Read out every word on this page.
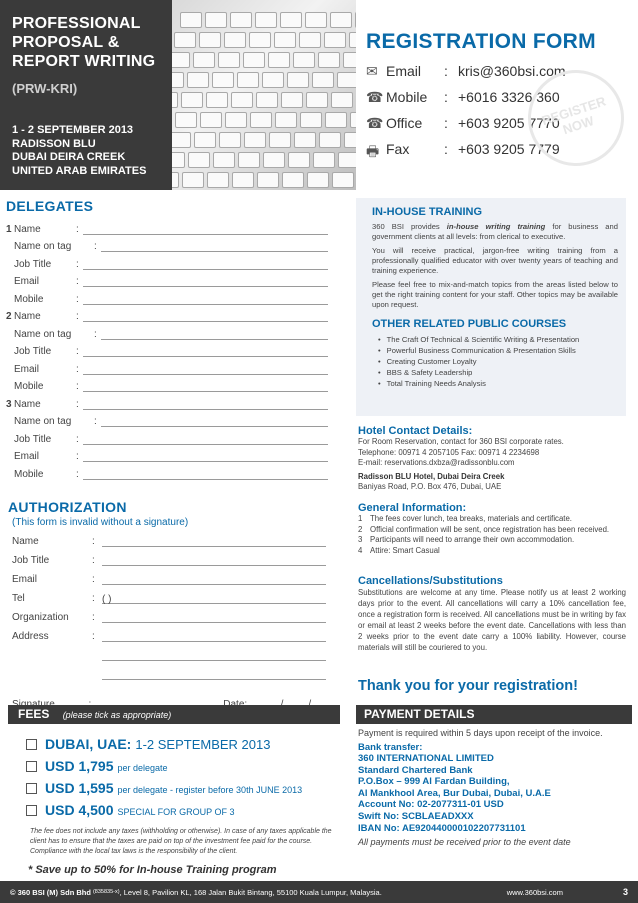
PROFESSIONAL
PROPOSAL &
REPORT WRITING
(PRW-KRI)
1 - 2 SEPTEMBER 2013
RADISSON BLU
DUBAI DEIRA CREEK
UNITED ARAB EMIRATES
REGISTER NOW
REGISTRATION FORM
✉ Email	: kris@360bsi.com
☎ Mobile	: +6016 3326 360
☎ Office	: +603 9205 7770
🖶 Fax	: +603 9205 7779
DELEGATES
1 Name	:
Name on tag	:
Job Title	:
Email	:
Mobile	:
2 Name	:
Name on tag	:
Job Title	:
Email	:
Mobile	:
3 Name	:
Name on tag	:
Job Title	:
Email	:
Mobile	:
AUTHORIZATION
(This form is invalid without a signature)
Name	:
Job Title	:
Email	:
Tel	: ( )
Organization	:
Address	:
FEES (please tick as appropriate)
DUBAI, UAE: 1-2 SEPTEMBER 2013
USD 1,795 per delegate
USD 1,595 per delegate - register before 30th JUNE 2013
USD 4,500 SPECIAL FOR GROUP OF 3
The fee does not include any taxes (withholding or otherwise). In case of any taxes applicable the client has to ensure that the taxes are paid on top of the investment fee paid for the course. Compliance with the local tax laws is the responsibility of the client.
* Save up to 50% for In-house Training program
IN-HOUSE TRAINING

360 BSI provides in-house writing training for business and government clients at all levels: from clerical to executive.

You will receive practical, jargon-free writing training from a professionally qualified educator with over twenty years of teaching and training experience.

Please feel free to mix-and-match topics from the areas listed below to get the right training content for your staff. Other topics may be available upon request.

OTHER RELATED PUBLIC COURSES
• The Craft Of Technical & Scientific Writing & Presentation
• Powerful Business Communication & Presentation Skills
• Creating Customer Loyalty
• BBS & Safety Leadership
• Total Training Needs Analysis
Hotel Contact Details:
For Room Reservation, contact for 360 BSI corporate rates.
Telephone: 00971 4 2057105 Fax: 00971 4 2234698
E-mail: reservations.dxbza@radissonblu.com
Radisson BLU Hotel, Dubai Deira Creek
Baniyas Road, P.O. Box 476, Dubai, UAE
General Information:
1 The fees cover lunch, tea breaks, materials and certificate.
2 Official confirmation will be sent, once registration has been received.
3 Participants will need to arrange their own accommodation.
4 Attire: Smart Casual
Cancellations/Substitutions
Substitutions are welcome at any time. Please notify us at least 2 working days prior to the event. All cancellations will carry a 10% cancellation fee, once a registration form is received. All cancellations must be in writing by fax or email at least 2 weeks before the event date. Cancellations with less than 2 weeks prior to the event date carry a 100% liability. However, course materials will still be couriered to you.
Thank you for your registration!
PAYMENT DETAILS
Payment is required within 5 days upon receipt of the invoice.
Bank transfer:
360 INTERNATIONAL LIMITED
Standard Chartered Bank
P.O.Box – 999 Al Fardan Building,
Al Mankhool Area, Bur Dubai, Dubai, U.A.E
Account No: 02-2077311-01 USD
Swift No: SCBLAEADXXX
IBAN No: AE920440000102207731101
All payments must be received prior to the event date
© 360 BSI (M) Sdn Bhd (835835-x) , Level 8, Pavilion KL, 168 Jalan Bukit Bintang, 55100 Kuala Lumpur, Malaysia.	www.360bsi.com	3
